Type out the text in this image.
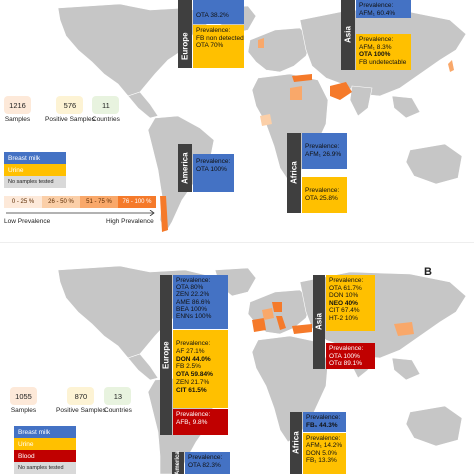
Europe
OTA 38.2%
Prevalence:
FB non detected
OTA 70%
Asia
Prevalence:
AFM₁ 60.4%
Prevalence:
AFM₁ 8.3%
OTA 100%
FB undetectable
1216
Samples
576
Positive Samples
11
Countries
Breast milk
Urine
No samples tested
0 - 25 %	26 - 50 %	51 - 75 %	76 - 100 %
Low Prevalence	High Prevalence
America	Prevalence:
OTA 100%	Africa
Prevalence:
AFM₁ 26.9%
Prevalence:
OTA 25.8%
B
Europe
Prevalence:
OTA 80%
ZEN 22.2%
AME 86.6%
BEA 100%
ENNs 100%
Prevalence:
AF 27.1%
DON 44.0%
FB 2.5%
OTA 59.84%
ZEN 21.7%
CIT 61.5%
Prevalence:
AFB₁ 9.8%
Asia
Prevalence:
OTA 61.7%
DON 10%
NEO 40%
CIT 67.4%
HT-2 10%
Prevalence:
OTA 100%
OTα 89.1%
1055
Samples
870
Positive Samples
13
Countries
Breast milk
Urine
Blood
No samples tested
Africa
Prevalence:
FB₁ 44.3%
Prevalence:
AFM₁ 14.2%
DON 5.0%
FB₁ 13.3%
America	Prevalence:
OTA 82.3%
